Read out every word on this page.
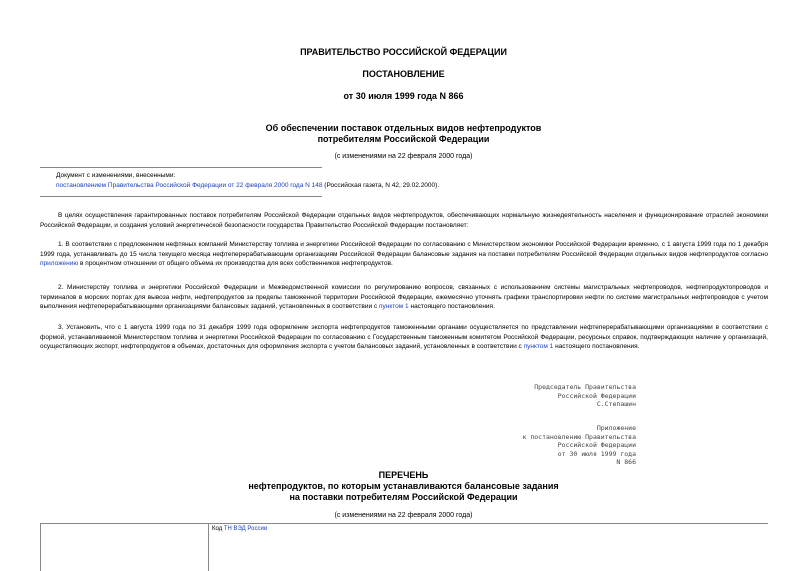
ПРАВИТЕЛЬСТВО РОССИЙСКОЙ ФЕДЕРАЦИИ
ПОСТАНОВЛЕНИЕ
от 30 июля 1999 года N 866
Об обеспечении поставок отдельных видов нефтепродуктов
потребителям Российской Федерации
(с изменениями на 22 февраля 2000 года)
Документ с изменениями, внесенными:
постановлением Правительства Российской Федерации от 22 февраля 2000 года N 148 (Российская газета, N 42, 29.02.2000).
В целях осуществления гарантированных поставок потребителям Российской Федерации отдельных видов нефтепродуктов, обеспечивающих нормальную жизнедеятельность населения и функционирование отраслей экономики Российской Федерации, и создания условий энергетической безопасности государства Правительство Российской Федерации постановляет:
1. В соответствии с предложением нефтяных компаний Министерству топлива и энергетики Российской Федерации по согласованию с Министерством экономики Российской Федерации временно, с 1 августа 1999 года по 1 декабря 1999 года, устанавливать до 15 числа текущего месяца нефтеперерабатывающим организациям Российской Федерации балансовые задания на поставки потребителям Российской Федерации отдельных видов нефтепродуктов согласно приложению в процентном отношении от общего объема их производства для всех собственников нефтепродуктов.
2. Министерству топлива и энергетики Российской Федерации и Межведомственной комиссии по регулированию вопросов, связанных с использованием системы магистральных нефтепроводов, нефтепродуктопроводов и терминалов в морских портах для вывоза нефти, нефтепродуктов за пределы таможенной территории Российской Федерации, ежемесячно уточнять графики транспортировки нефти по системе магистральных нефтепроводов с учетом выполнения нефтеперерабатывающими организациями балансовых заданий, установленных в соответствии с пунктом 1 настоящего постановления.
3. Установить, что с 1 августа 1999 года по 31 декабря 1999 года оформление экспорта нефтепродуктов таможенными органами осуществляется по представлении нефтеперерабатывающими организациями в соответствии с формой, устанавливаемой Министерством топлива и энергетики Российской Федерации по согласованию с Государственным таможенным комитетом Российской Федерации, ресурсных справок, подтверждающих наличие у организаций, осуществляющих экспорт, нефтепродуктов в объемах, достаточных для оформления экспорта с учетом балансовых заданий, установленных в соответствии с пунктом 1 настоящего постановления.
Председатель Правительства
Российской Федерации
С.Степашин
Приложение
к постановлению Правительства
Российской Федерации
от 30 июля 1999 года
N 866
ПЕРЕЧЕНЬ
нефтепродуктов, по которым устанавливаются балансовые задания
на поставки потребителям Российской Федерации
(с изменениями на 22 февраля 2000 года)
Код ТН ВЭД России
